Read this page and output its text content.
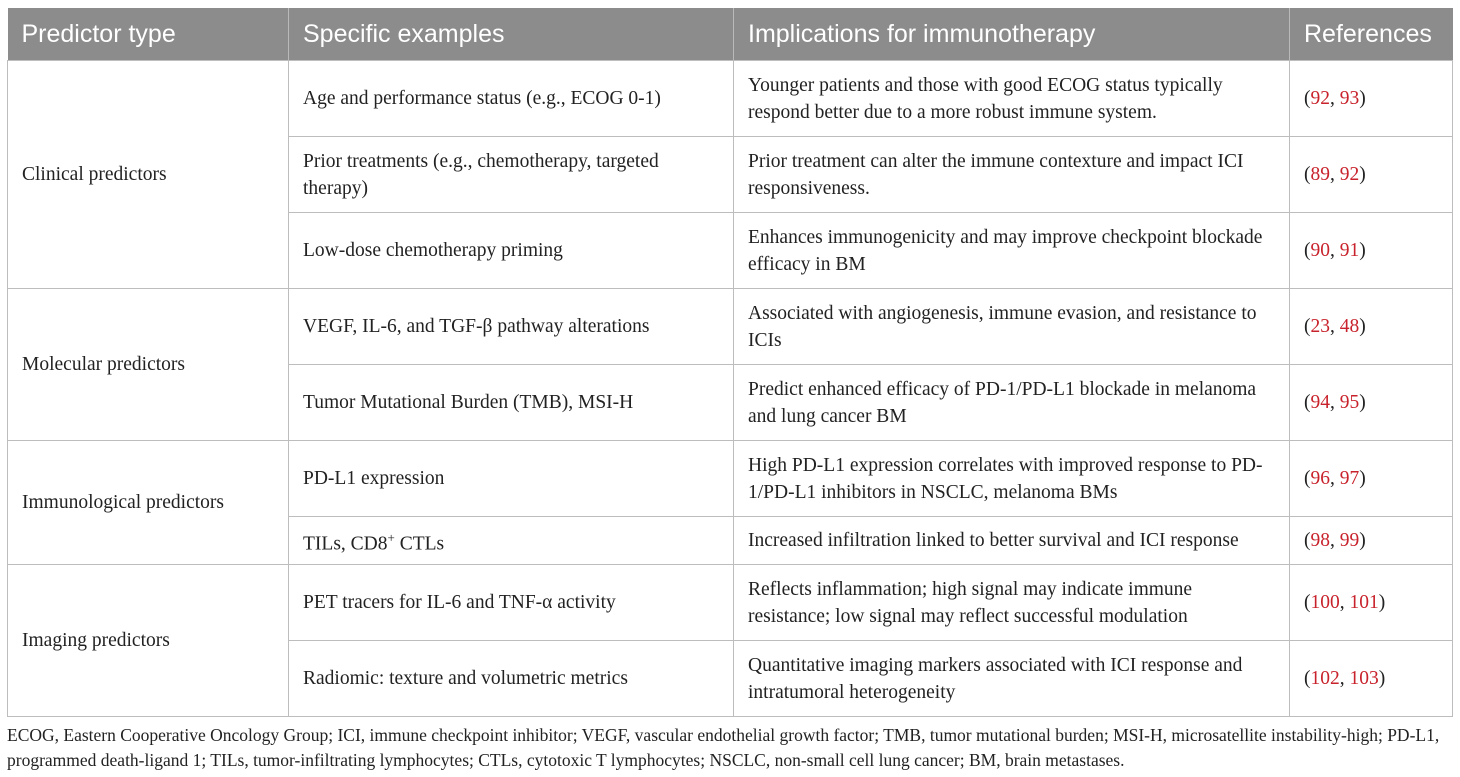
Predictor type	Specific examples	Implications for immunotherapy	References
Clinical predictors	Age and performance status (e.g., ECOG 0-1)	Younger patients and those with good ECOG status typically respond better due to a more robust immune system.	(92, 93)
	Prior treatments (e.g., chemotherapy, targeted therapy)	Prior treatment can alter the immune contexture and impact ICI responsiveness.	(89, 92)
	Low-dose chemotherapy priming	Enhances immunogenicity and may improve checkpoint blockade efficacy in BM	(90, 91)
Molecular predictors	VEGF, IL-6, and TGF-β pathway alterations	Associated with angiogenesis, immune evasion, and resistance to ICIs	(23, 48)
	Tumor Mutational Burden (TMB), MSI-H	Predict enhanced efficacy of PD-1/PD-L1 blockade in melanoma and lung cancer BM	(94, 95)
Immunological predictors	PD-L1 expression	High PD-L1 expression correlates with improved response to PD-1/PD-L1 inhibitors in NSCLC, melanoma BMs	(96, 97)
	TILs, CD8+ CTLs	Increased infiltration linked to better survival and ICI response	(98, 99)
Imaging predictors	PET tracers for IL-6 and TNF-α activity	Reflects inflammation; high signal may indicate immune resistance; low signal may reflect successful modulation	(100, 101)
	Radiomic: texture and volumetric metrics	Quantitative imaging markers associated with ICI response and intratumoral heterogeneity	(102, 103)
ECOG, Eastern Cooperative Oncology Group; ICI, immune checkpoint inhibitor; VEGF, vascular endothelial growth factor; TMB, tumor mutational burden; MSI-H, microsatellite instability-high; PD-L1, programmed death-ligand 1; TILs, tumor-infiltrating lymphocytes; CTLs, cytotoxic T lymphocytes; NSCLC, non-small cell lung cancer; BM, brain metastases.
